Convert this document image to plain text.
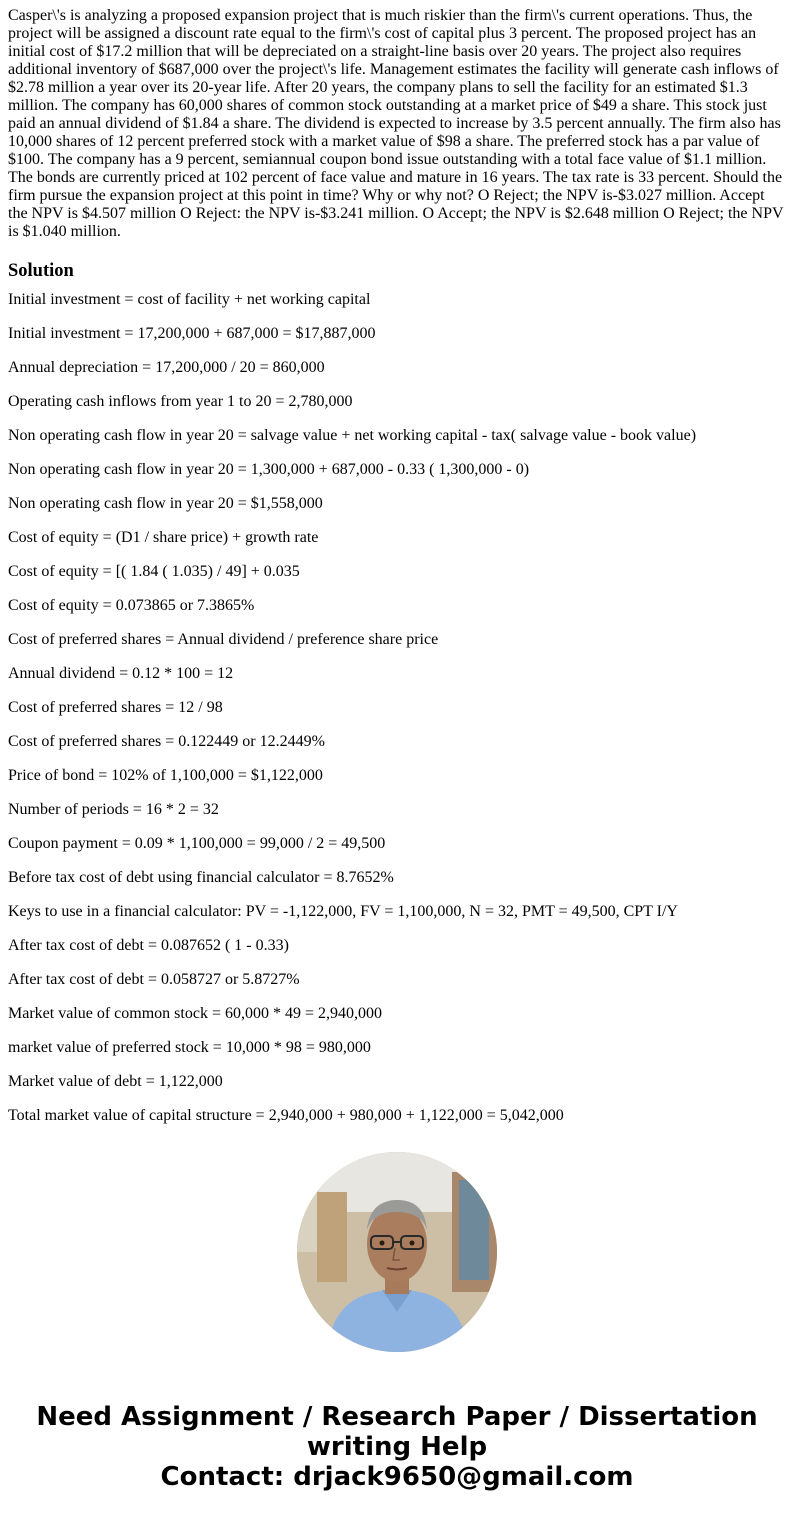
Casper\'s is analyzing a proposed expansion project that is much riskier than the firm\'s current operations. Thus, the project will be assigned a discount rate equal to the firm\'s cost of capital plus 3 percent. The proposed project has an initial cost of $17.2 million that will be depreciated on a straight-line basis over 20 years. The project also requires additional inventory of $687,000 over the project\'s life. Management estimates the facility will generate cash inflows of $2.78 million a year over its 20-year life. After 20 years, the company plans to sell the facility for an estimated $1.3 million. The company has 60,000 shares of common stock outstanding at a market price of $49 a share. This stock just paid an annual dividend of $1.84 a share. The dividend is expected to increase by 3.5 percent annually. The firm also has 10,000 shares of 12 percent preferred stock with a market value of $98 a share. The preferred stock has a par value of $100. The company has a 9 percent, semiannual coupon bond issue outstanding with a total face value of $1.1 million. The bonds are currently priced at 102 percent of face value and mature in 16 years. The tax rate is 33 percent. Should the firm pursue the expansion project at this point in time? Why or why not? O Reject; the NPV is-$3.027 million. Accept the NPV is $4.507 million O Reject: the NPV is-$3.241 million. O Accept; the NPV is $2.648 million O Reject; the NPV is $1.040 million.

Solution

Initial investment = cost of facility + net working capital

Initial investment = 17,200,000 + 687,000 = $17,887,000

Annual depreciation = 17,200,000 / 20 = 860,000

Operating cash inflows from year 1 to 20 = 2,780,000

Non operating cash flow in year 20 = salvage value + net working capital - tax( salvage value - book value)

Non operating cash flow in year 20 = 1,300,000 + 687,000 - 0.33 ( 1,300,000 - 0)

Non operating cash flow in year 20 = $1,558,000

Cost of equity = (D1 / share price) + growth rate

Cost of equity = [( 1.84 ( 1.035) / 49] + 0.035

Cost of equity = 0.073865 or 7.3865%

Cost of preferred shares = Annual dividend / preference share price

Annual dividend = 0.12 * 100 = 12

Cost of preferred shares = 12 / 98

Cost of preferred shares = 0.122449 or 12.2449%

Price of bond = 102% of 1,100,000 = $1,122,000

Number of periods = 16 * 2 = 32

Coupon payment = 0.09 * 1,100,000 = 99,000 / 2 = 49,500

Before tax cost of debt using financial calculator = 8.7652%

Keys to use in a financial calculator: PV = -1,122,000, FV = 1,100,000, N = 32, PMT = 49,500, CPT I/Y

After tax cost of debt = 0.087652 ( 1 - 0.33)

After tax cost of debt = 0.058727 or 5.8727%

Market value of common stock = 60,000 * 49 = 2,940,000

market value of preferred stock = 10,000 * 98 = 980,000

Market value of debt = 1,122,000

Total market value of capital structure = 2,940,000 + 980,000 + 1,122,000 = 5,042,000

Need Assignment / Research Paper / Dissertation
writing Help
Contact: drjack9650@gmail.com
